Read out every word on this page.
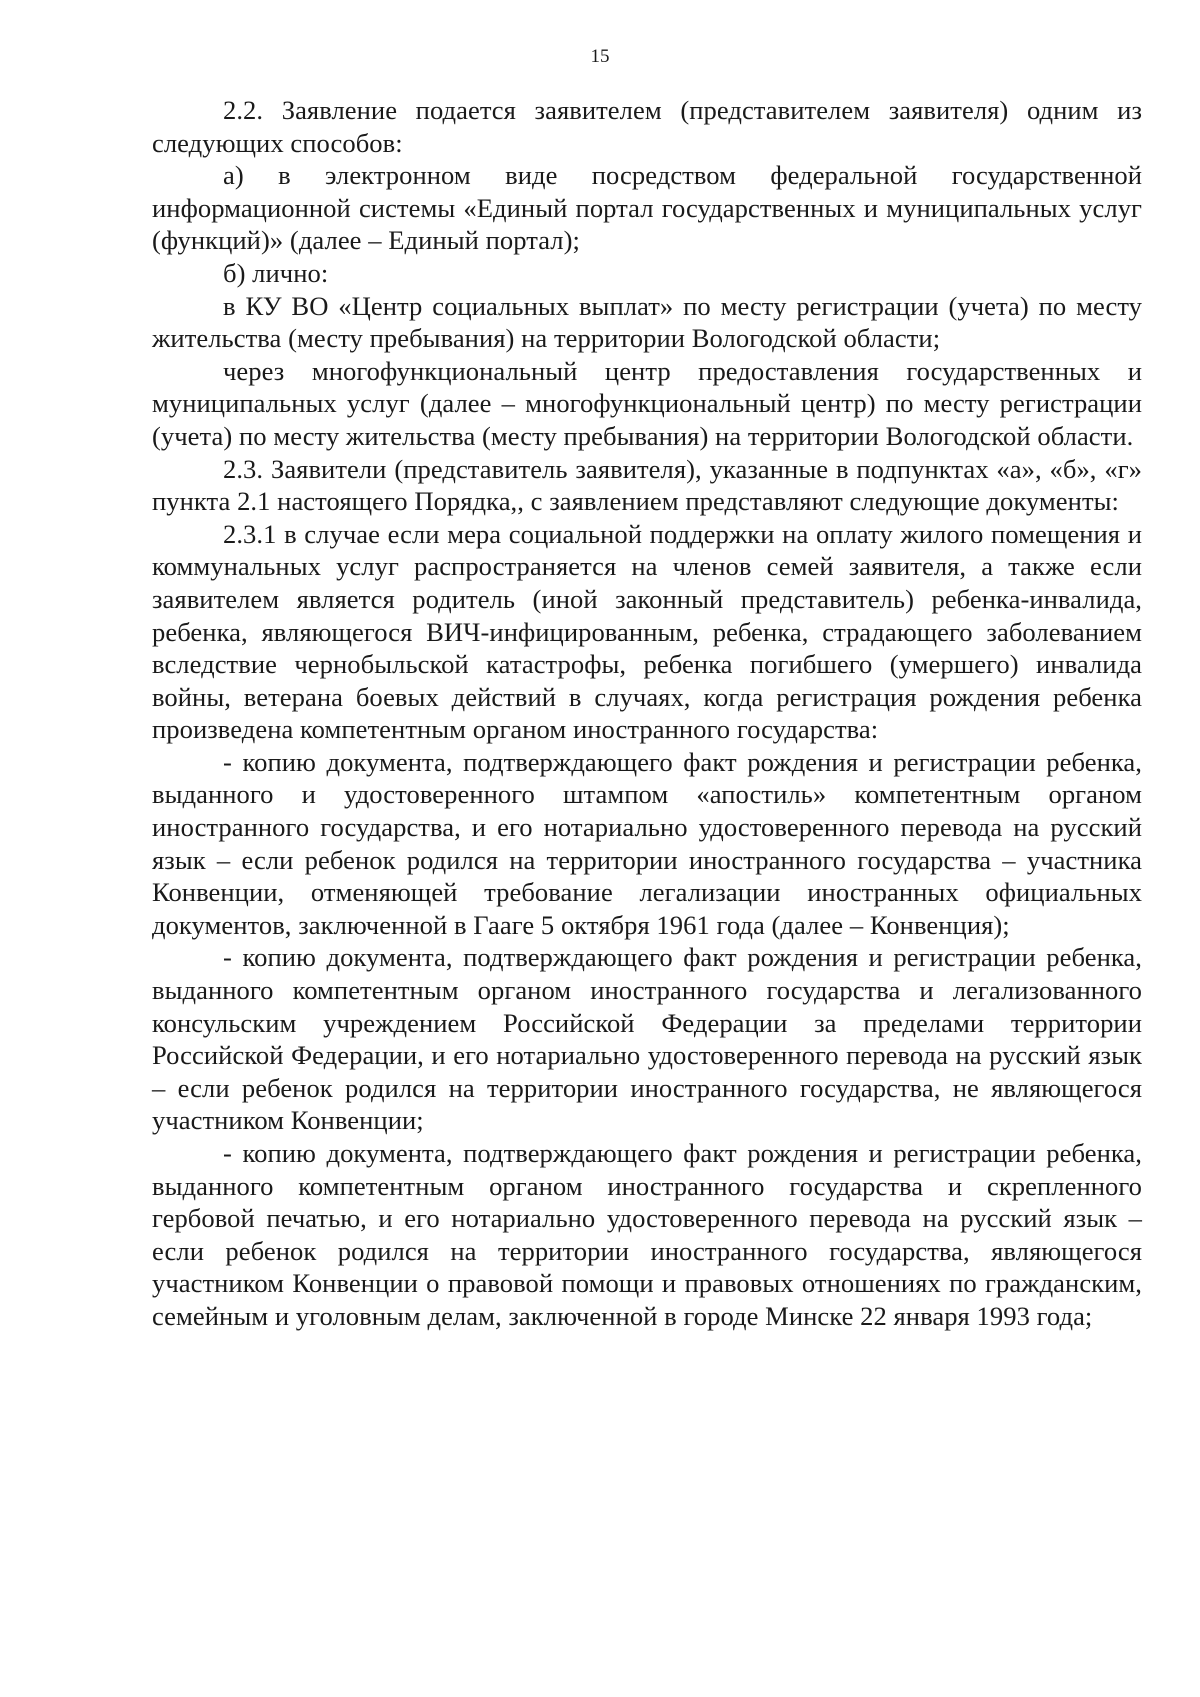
15

2.2. Заявление подается заявителем (представителем заявителя) одним из следующих способов:

а) в электронном виде посредством федеральной государственной информационной системы «Единый портал государственных и муниципальных услуг (функций)» (далее – Единый портал);

б) лично:

в КУ ВО «Центр социальных выплат» по месту регистрации (учета) по месту жительства (месту пребывания) на территории Вологодской области;

через многофункциональный центр предоставления государственных и муниципальных услуг (далее – многофункциональный центр) по месту регистрации (учета) по месту жительства (месту пребывания) на территории Вологодской области.

2.3. Заявители (представитель заявителя), указанные в подпунктах «а», «б», «г» пункта 2.1 настоящего Порядка,, с заявлением представляют следующие документы:

2.3.1 в случае если мера социальной поддержки на оплату жилого помещения и коммунальных услуг распространяется на членов семей заявителя, а также если заявителем является родитель (иной законный представитель) ребенка-инвалида, ребенка, являющегося ВИЧ-инфицированным, ребенка, страдающего заболеванием вследствие чернобыльской катастрофы, ребенка погибшего (умершего) инвалида войны, ветерана боевых действий в случаях, когда регистрация рождения ребенка произведена компетентным органом иностранного государства:

- копию документа, подтверждающего факт рождения и регистрации ребенка, выданного и удостоверенного штампом «апостиль» компетентным органом иностранного государства, и его нотариально удостоверенного перевода на русский язык – если ребенок родился на территории иностранного государства – участника Конвенции, отменяющей требование легализации иностранных официальных документов, заключенной в Гааге 5 октября 1961 года (далее – Конвенция);

- копию документа, подтверждающего факт рождения и регистрации ребенка, выданного компетентным органом иностранного государства и легализованного консульским учреждением Российской Федерации за пределами территории Российской Федерации, и его нотариально удостоверенного перевода на русский язык – если ребенок родился на территории иностранного государства, не являющегося участником Конвенции;

- копию документа, подтверждающего факт рождения и регистрации ребенка, выданного компетентным органом иностранного государства и скрепленного гербовой печатью, и его нотариально удостоверенного перевода на русский язык – если ребенок родился на территории иностранного государства, являющегося участником Конвенции о правовой помощи и правовых отношениях по гражданским, семейным и уголовным делам, заключенной в городе Минске 22 января 1993 года;
